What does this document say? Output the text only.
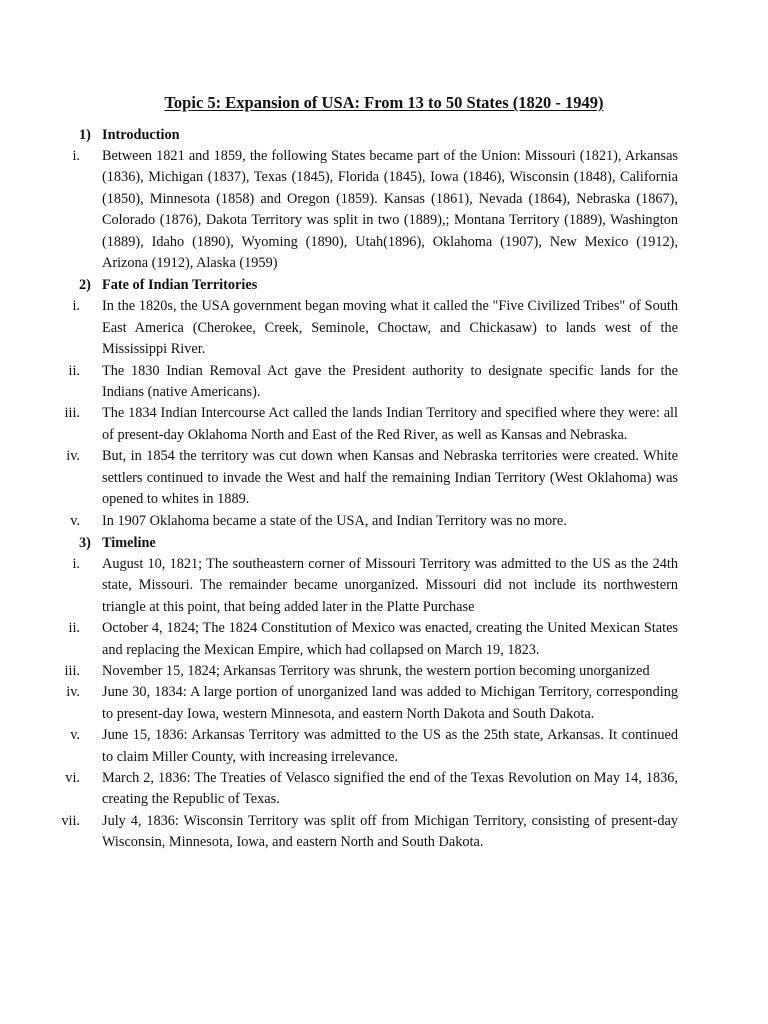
Topic 5: Expansion of USA: From 13 to 50 States (1820 - 1949)
1) Introduction
i. Between 1821 and 1859, the following States became part of the Union: Missouri (1821), Arkansas (1836), Michigan (1837), Texas (1845), Florida (1845), Iowa (1846), Wisconsin (1848), California (1850), Minnesota (1858) and Oregon (1859). Kansas (1861), Nevada (1864), Nebraska (1867), Colorado (1876), Dakota Territory was split in two (1889),; Montana Territory (1889), Washington (1889), Idaho (1890), Wyoming (1890), Utah(1896), Oklahoma (1907), New Mexico (1912), Arizona (1912), Alaska (1959)
2) Fate of Indian Territories
i. In the 1820s, the USA government began moving what it called the "Five Civilized Tribes" of South East America (Cherokee, Creek, Seminole, Choctaw, and Chickasaw) to lands west of the Mississippi River.
ii. The 1830 Indian Removal Act gave the President authority to designate specific lands for the Indians (native Americans).
iii. The 1834 Indian Intercourse Act called the lands Indian Territory and specified where they were: all of present-day Oklahoma North and East of the Red River, as well as Kansas and Nebraska.
iv. But, in 1854 the territory was cut down when Kansas and Nebraska territories were created. White settlers continued to invade the West and half the remaining Indian Territory (West Oklahoma) was opened to whites in 1889.
v. In 1907 Oklahoma became a state of the USA, and Indian Territory was no more.
3) Timeline
i. August 10, 1821; The southeastern corner of Missouri Territory was admitted to the US as the 24th state, Missouri. The remainder became unorganized. Missouri did not include its northwestern triangle at this point, that being added later in the Platte Purchase
ii. October 4, 1824; The 1824 Constitution of Mexico was enacted, creating the United Mexican States and replacing the Mexican Empire, which had collapsed on March 19, 1823.
iii. November 15, 1824; Arkansas Territory was shrunk, the western portion becoming unorganized
iv. June 30, 1834: A large portion of unorganized land was added to Michigan Territory, corresponding to present-day Iowa, western Minnesota, and eastern North Dakota and South Dakota.
v. June 15, 1836: Arkansas Territory was admitted to the US as the 25th state, Arkansas. It continued to claim Miller County, with increasing irrelevance.
vi. March 2, 1836: The Treaties of Velasco signified the end of the Texas Revolution on May 14, 1836, creating the Republic of Texas.
vii. July 4, 1836: Wisconsin Territory was split off from Michigan Territory, consisting of present-day Wisconsin, Minnesota, Iowa, and eastern North and South Dakota.
